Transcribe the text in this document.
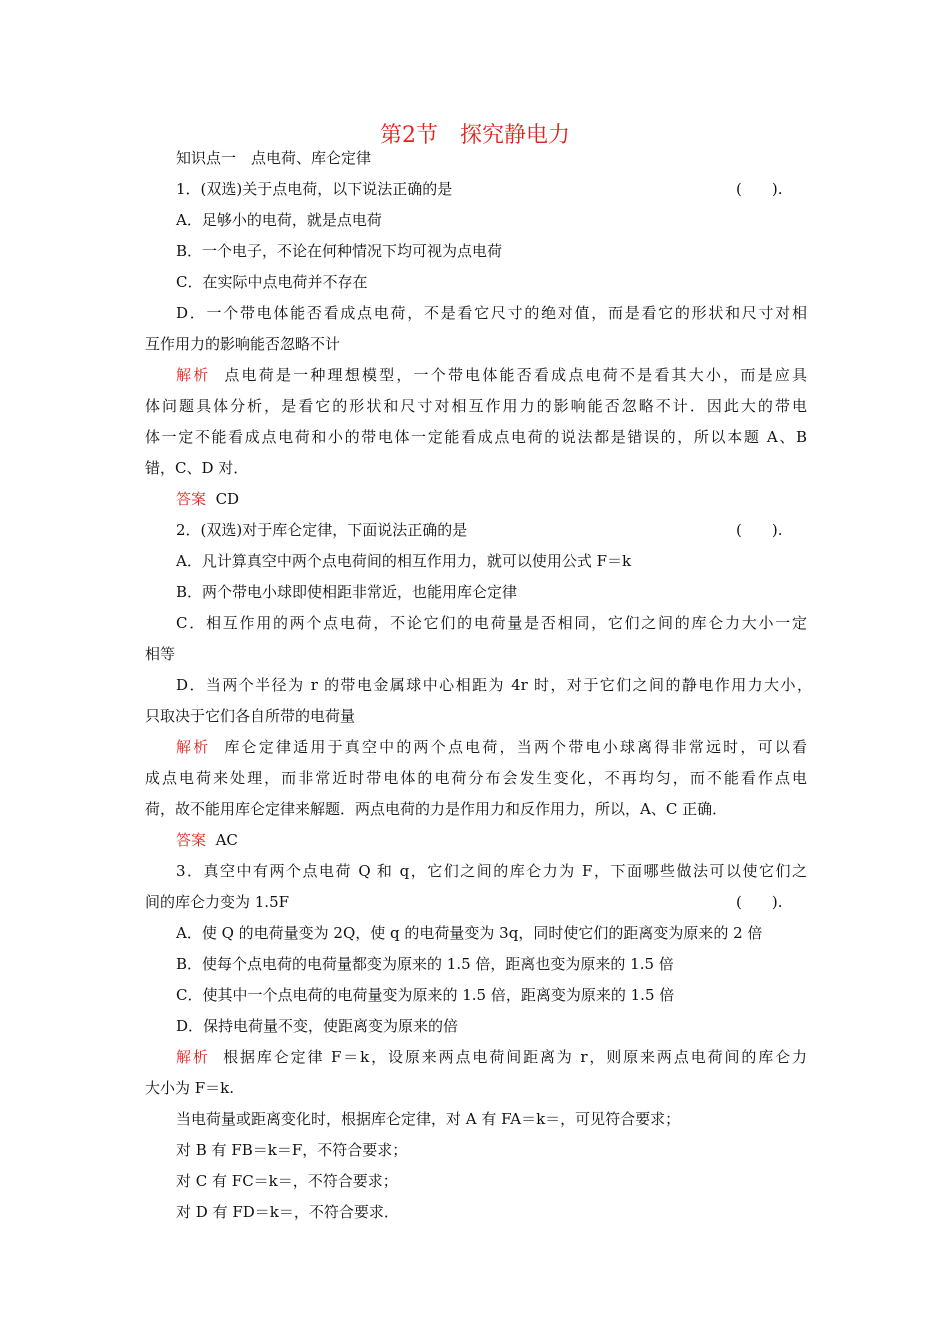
第2节　探究静电力
知识点一　点电荷、库仑定律
1．(双选)关于点电荷，以下说法正确的是	(　　).
A．足够小的电荷，就是点电荷
B．一个电子，不论在何种情况下均可视为点电荷
C．在实际中点电荷并不存在
D．一个带电体能否看成点电荷，不是看它尺寸的绝对值，而是看它的形状和尺寸对相
互作用力的影响能否忽略不计
解析 点电荷是一种理想模型，一个带电体能否看成点电荷不是看其大小，而是应具
体问题具体分析，是看它的形状和尺寸对相互作用力的影响能否忽略不计．因此大的带电
体一定不能看成点电荷和小的带电体一定能看成点电荷的说法都是错误的，所以本题 A、B
错，C、D 对．
答案 CD
2．(双选)对于库仑定律，下面说法正确的是	(　　).
A．凡计算真空中两个点电荷间的相互作用力，就可以使用公式 F＝k
B．两个带电小球即使相距非常近，也能用库仑定律
C．相互作用的两个点电荷，不论它们的电荷量是否相同，它们之间的库仑力大小一定
相等
D．当两个半径为 r 的带电金属球中心相距为 4r 时，对于它们之间的静电作用力大小，
只取决于它们各自所带的电荷量
解析 库仑定律适用于真空中的两个点电荷，当两个带电小球离得非常远时，可以看
成点电荷来处理，而非常近时带电体的电荷分布会发生变化，不再均匀，而不能看作点电
荷，故不能用库仑定律来解题．两点电荷的力是作用力和反作用力，所以，A、C 正确．
答案 AC
3．真空中有两个点电荷 Q 和 q，它们之间的库仑力为 F，下面哪些做法可以使它们之
间的库仑力变为 1.5F	(　　).
A．使 Q 的电荷量变为 2Q，使 q 的电荷量变为 3q，同时使它们的距离变为原来的 2 倍
B．使每个点电荷的电荷量都变为原来的 1.5 倍，距离也变为原来的 1.5 倍
C．使其中一个点电荷的电荷量变为原来的 1.5 倍，距离变为原来的 1.5 倍
D．保持电荷量不变，使距离变为原来的倍
解析 根据库仑定律 F＝k，设原来两点电荷间距离为 r，则原来两点电荷间的库仑力
大小为 F＝k.
当电荷量或距离变化时，根据库仑定律，对 A 有 FA＝k＝，可见符合要求；
对 B 有 FB＝k＝F，不符合要求；
对 C 有 FC＝k＝，不符合要求；
对 D 有 FD＝k＝，不符合要求．
